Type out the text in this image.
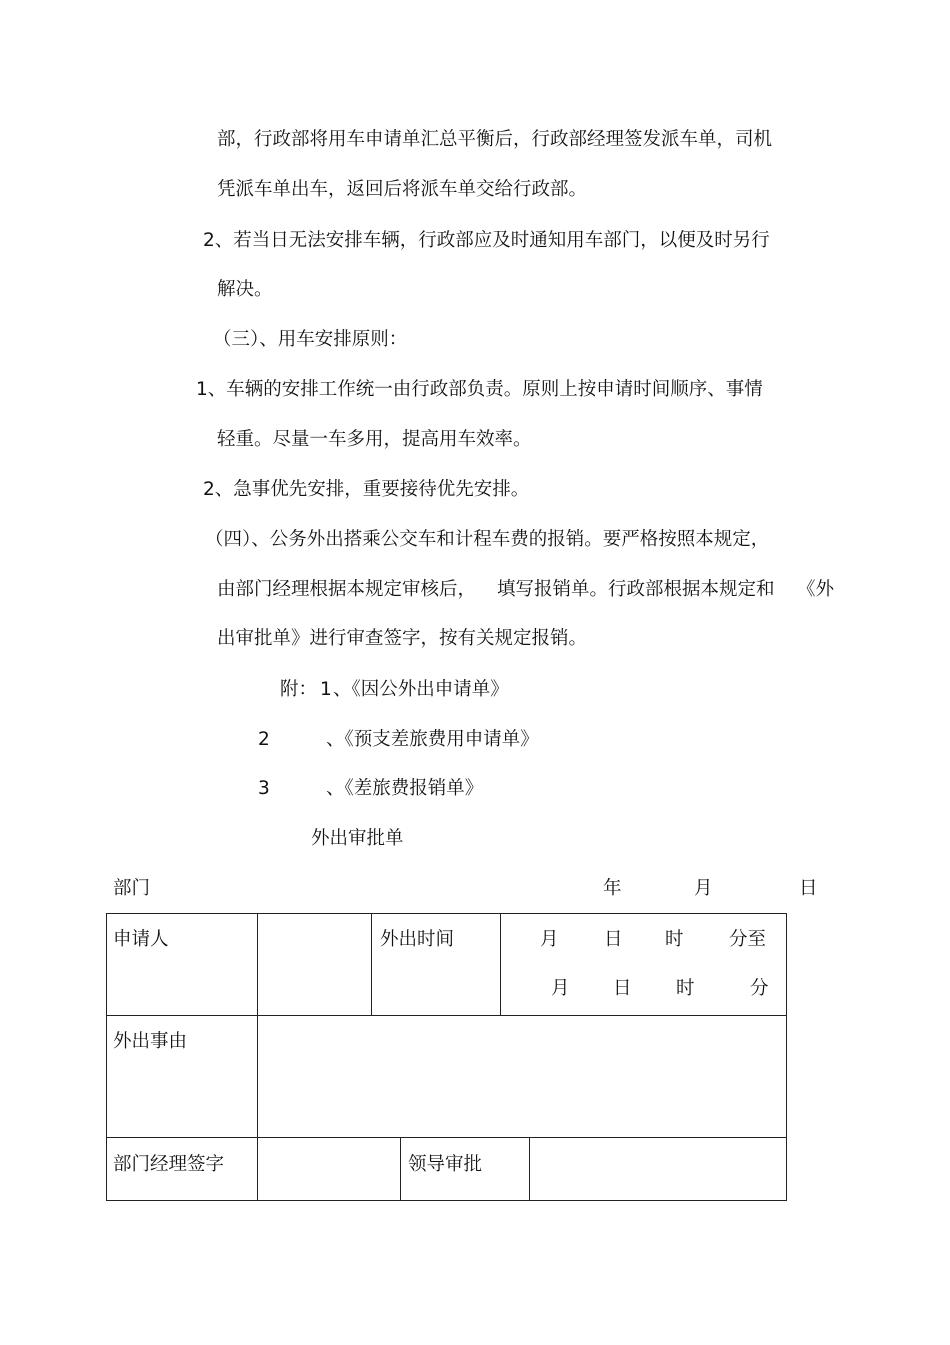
部，行政部将用车申请单汇总平衡后，行政部经理签发派车单，司机
凭派车单出车，返回后将派车单交给行政部。
2、若当日无法安排车辆，行政部应及时通知用车部门，以便及时另行
解决。
（三）、用车安排原则：
1、车辆的安排工作统一由行政部负责。原则上按申请时间顺序、事情
轻重。尽量一车多用，提高用车效率。
2、急事优先安排，重要接待优先安排。
（四）、公务外出搭乘公交车和计程车费的报销。要严格按照本规定，
由部门经理根据本规定审核后， 填写报销单。行政部根据本规定和 《外
出审批单》进行审查签字，按有关规定报销。
附： 1 、《因公外出申请单》
2	、《预支差旅费用申请单》
3	、《差旅费报销单》
外出审批单
部门	年	月	日
申请人	外出时间	月 日 时 分至
月 日 时	分
外出事由
部门经理签字	领导审批
